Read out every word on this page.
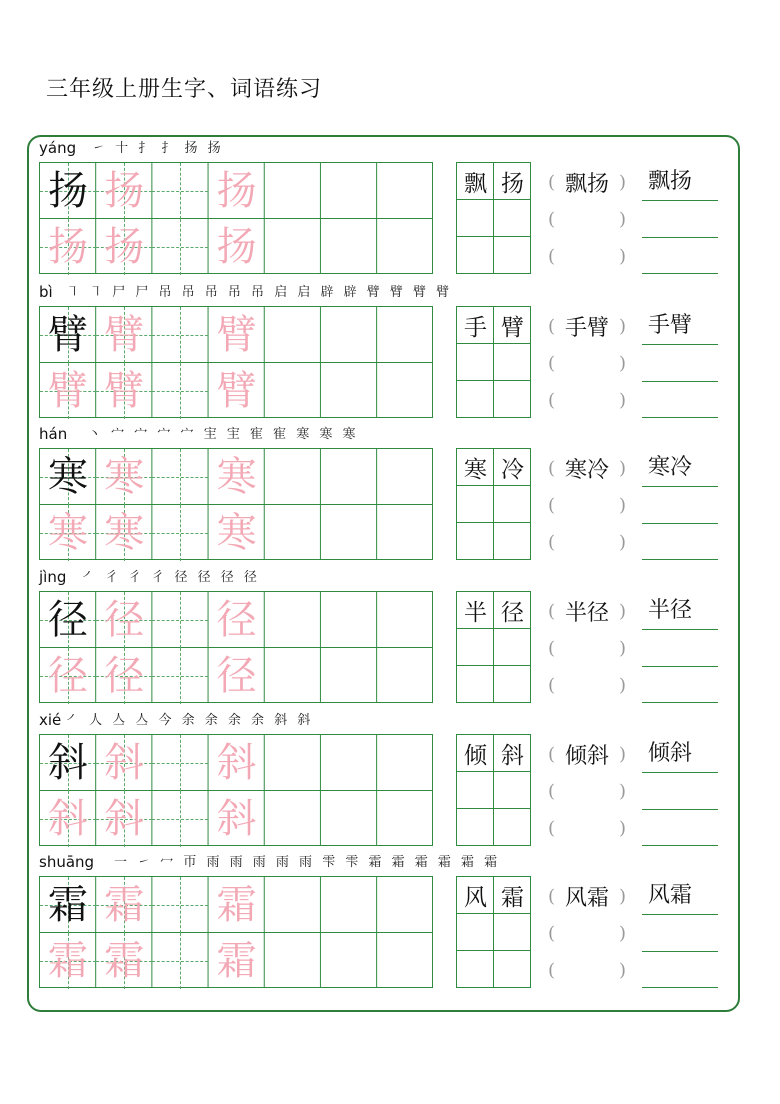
三年级上册生字、词语练习
yáng ㇀ 十 扌 扌 扬 扬
扬 扬 扬
扬 扬 扬
飘 扬	( 飘扬 )
(	)
(	)
飘扬
bì ㇕ ㇕ 尸 尸 吊 吊 吊 吊 吊 启 启 辟 辟 臂 臂 臂 臂
臂 臂 臂
臂 臂 臂
手 臂	( 手臂 )
(	)
(	)
手臂
hán 丶 宀 宀 宀 宀 宔 宔 寉 寉 寒 寒 寒
寒 寒 寒
寒 寒 寒
寒 冷	( 寒冷 )
(	)
(	)
寒冷
jìng ㇒ 彳 彳 彳 径 径 径 径
径 径 径
径 径 径
半 径	( 半径 )
(	)
(	)
半径
xié ㇒ 人 亼 亼 今 余 余 余 余 斜 斜
斜 斜 斜
斜 斜 斜
倾 斜	( 倾斜 )
(	)
(	)
倾斜
shuāng 一 ㇀ 冖 帀 雨 雨 雨 雨 雨 雫 雫 霜 霜 霜 霜 霜 霜
霜 霜 霜
霜 霜 霜
风 霜	( 风霜 )
(	)
(	)
风霜
